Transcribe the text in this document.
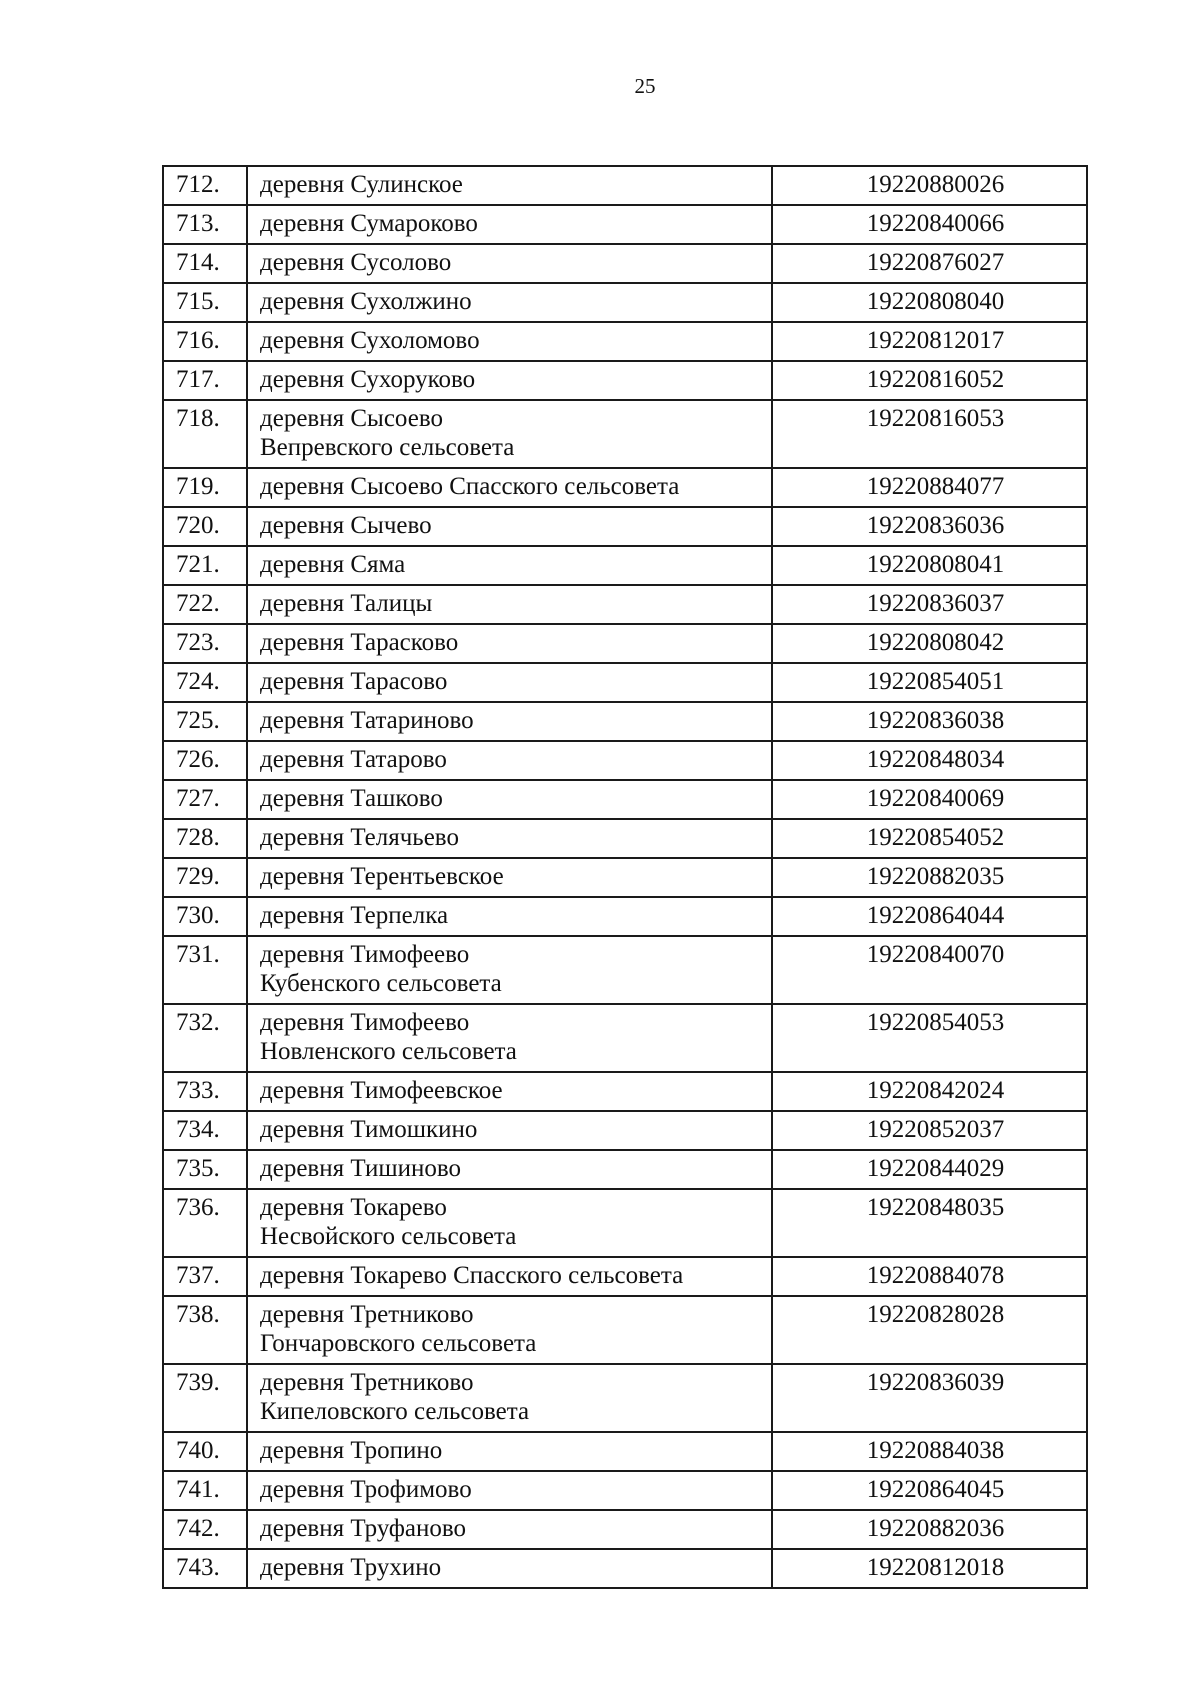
25
712.	деревня Сулинское	19220880026
713.	деревня Сумароково	19220840066
714.	деревня Сусолово	19220876027
715.	деревня Сухолжино	19220808040
716.	деревня Сухоломово	19220812017
717.	деревня Сухоруково	19220816052
718.	деревня Сысоево
Вепревского сельсовета	19220816053
719.	деревня Сысоево Спасского сельсовета	19220884077
720.	деревня Сычево	19220836036
721.	деревня Сяма	19220808041
722.	деревня Талицы	19220836037
723.	деревня Тарасково	19220808042
724.	деревня Тарасово	19220854051
725.	деревня Татариново	19220836038
726.	деревня Татарово	19220848034
727.	деревня Ташково	19220840069
728.	деревня Телячьево	19220854052
729.	деревня Терентьевское	19220882035
730.	деревня Терпелка	19220864044
731.	деревня Тимофеево
Кубенского сельсовета	19220840070
732.	деревня Тимофеево
Новленского сельсовета	19220854053
733.	деревня Тимофеевское	19220842024
734.	деревня Тимошкино	19220852037
735.	деревня Тишиново	19220844029
736.	деревня Токарево
Несвойского сельсовета	19220848035
737.	деревня Токарево Спасского сельсовета	19220884078
738.	деревня Третниково
Гончаровского сельсовета	19220828028
739.	деревня Третниково
Кипеловского сельсовета	19220836039
740.	деревня Тропино	19220884038
741.	деревня Трофимово	19220864045
742.	деревня Труфаново	19220882036
743.	деревня Трухино	19220812018
